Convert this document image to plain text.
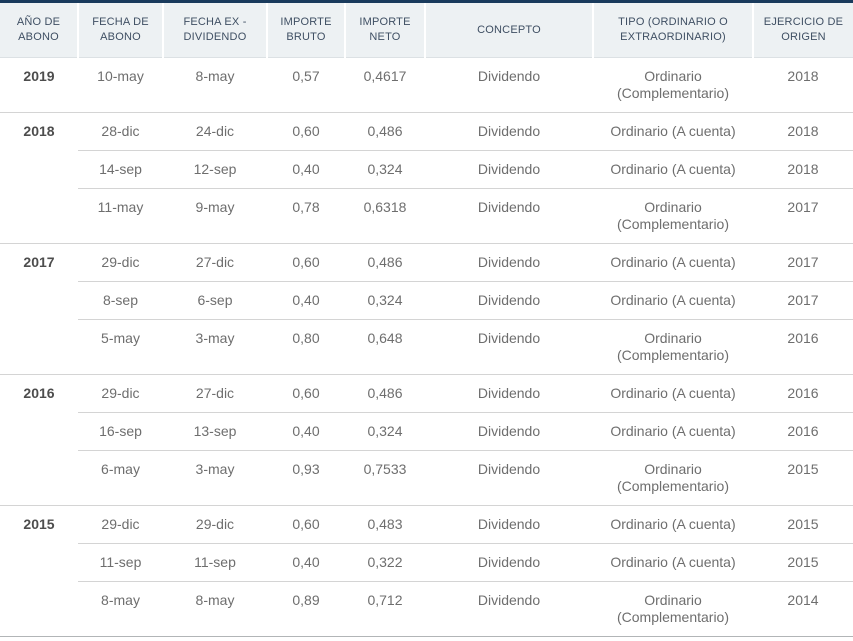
AÑO DE ABONO	FECHA DE ABONO	FECHA EX - DIVIDENDO	IMPORTE BRUTO	IMPORTE NETO	CONCEPTO	TIPO (ORDINARIO O EXTRAORDINARIO)	EJERCICIO DE ORIGEN
2019	10-may	8-may	0,57	0,4617	Dividendo	Ordinario (Complementario)	2018
2018	28-dic	24-dic	0,60	0,486	Dividendo	Ordinario (A cuenta)	2018
	14-sep	12-sep	0,40	0,324	Dividendo	Ordinario (A cuenta)	2018
	11-may	9-may	0,78	0,6318	Dividendo	Ordinario (Complementario)	2017
2017	29-dic	27-dic	0,60	0,486	Dividendo	Ordinario (A cuenta)	2017
	8-sep	6-sep	0,40	0,324	Dividendo	Ordinario (A cuenta)	2017
	5-may	3-may	0,80	0,648	Dividendo	Ordinario (Complementario)	2016
2016	29-dic	27-dic	0,60	0,486	Dividendo	Ordinario (A cuenta)	2016
	16-sep	13-sep	0,40	0,324	Dividendo	Ordinario (A cuenta)	2016
	6-may	3-may	0,93	0,7533	Dividendo	Ordinario (Complementario)	2015
2015	29-dic	29-dic	0,60	0,483	Dividendo	Ordinario (A cuenta)	2015
	11-sep	11-sep	0,40	0,322	Dividendo	Ordinario (A cuenta)	2015
	8-may	8-may	0,89	0,712	Dividendo	Ordinario (Complementario)	2014
